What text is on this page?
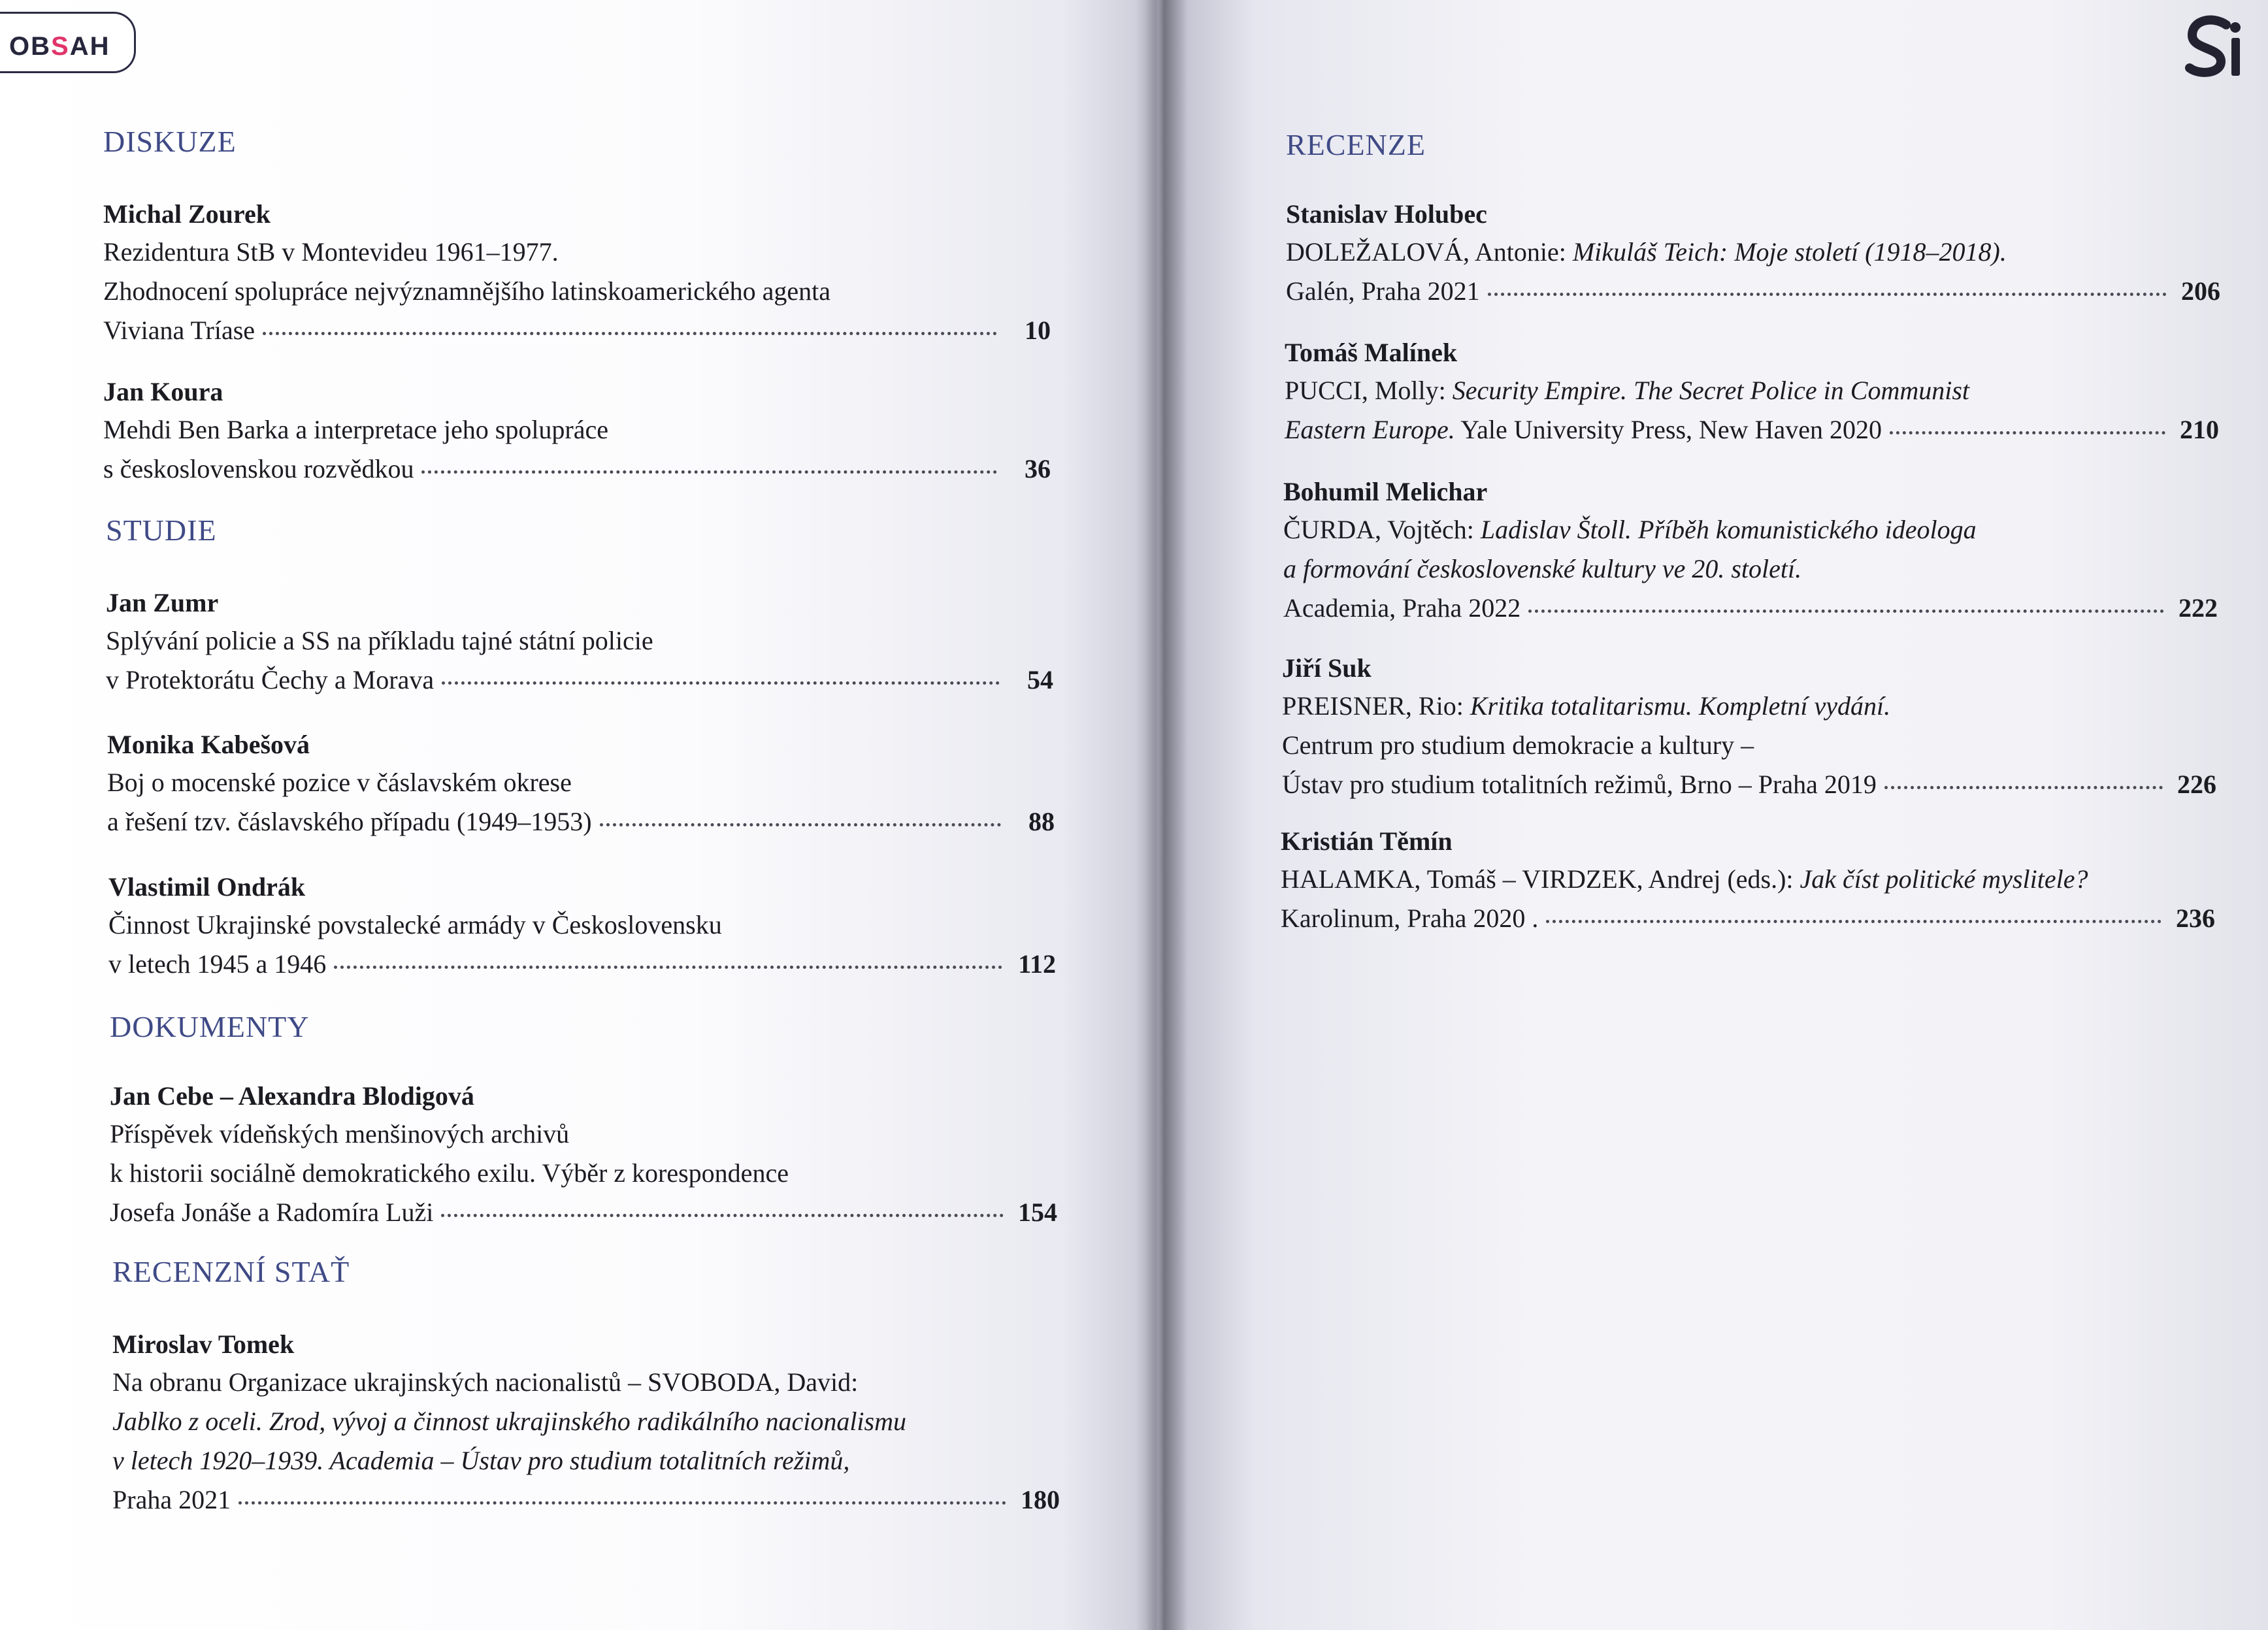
OBSAH
DISKUZE
Michal Zourek
Rezidentura StB v Montevideu 1961–1977.
Zhodnocení spolupráce nejvýznamnějšího latinskoamerického agenta
Viviana Tríase	10
Jan Koura
Mehdi Ben Barka a interpretace jeho spolupráce
s československou rozvědkou	36
STUDIE
Jan Zumr
Splývání policie a SS na příkladu tajné státní policie
v Protektorátu Čechy a Morava	54
Monika Kabešová
Boj o mocenské pozice v čáslavském okrese
a řešení tzv. čáslavského případu (1949–1953)	88
Vlastimil Ondrák
Činnost Ukrajinské povstalecké armády v Československu
v letech 1945 a 1946	112
DOKUMENTY
Jan Cebe – Alexandra Blodigová
Příspěvek vídeňských menšinových archivů
k historii sociálně demokratického exilu. Výběr z korespondence
Josefa Jonáše a Radomíra Luži	154
RECENZNÍ STAŤ
Miroslav Tomek
Na obranu Organizace ukrajinských nacionalistů – SVOBODA, David:
Jablko z oceli. Zrod, vývoj a činnost ukrajinského radikálního nacionalismu
v letech 1920–1939. Academia – Ústav pro studium totalitních režimů,
Praha 2021	180
RECENZE
Stanislav Holubec
DOLEŽALOVÁ, Antonie: Mikuláš Teich: Moje století (1918–2018).
Galén, Praha 2021	206
Tomáš Malínek
PUCCI, Molly: Security Empire. The Secret Police in Communist
Eastern Europe. Yale University Press, New Haven 2020	210
Bohumil Melichar
ČURDA, Vojtěch: Ladislav Štoll. Příběh komunistického ideologa
a formování československé kultury ve 20. století.
Academia, Praha 2022	222
Jiří Suk
PREISNER, Rio: Kritika totalitarismu. Kompletní vydání.
Centrum pro studium demokracie a kultury –
Ústav pro studium totalitních režimů, Brno – Praha 2019	226
Kristián Těmín
HALAMKA, Tomáš – VIRDZEK, Andrej (eds.): Jak číst politické myslitele?
Karolinum, Praha 2020 .	236
